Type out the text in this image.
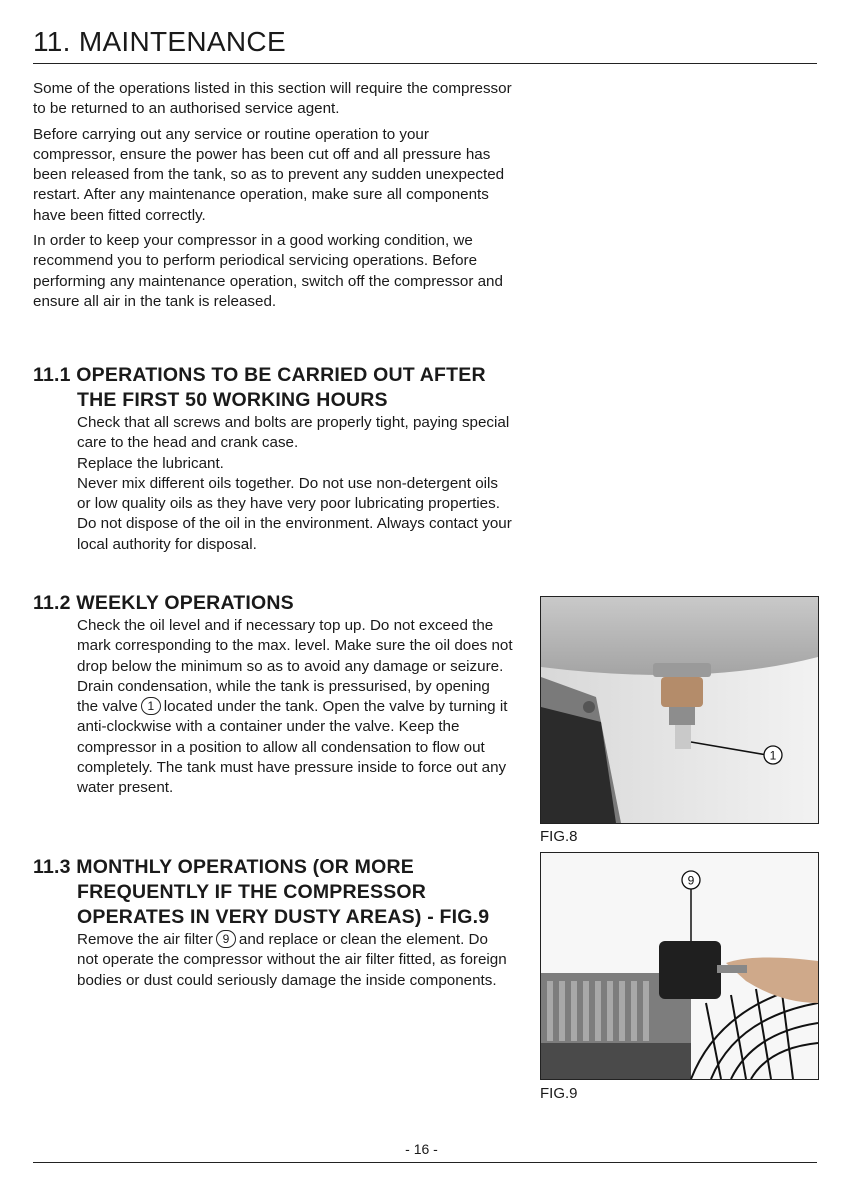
11. MAINTENANCE

Some of the operations listed in this section will require the compressor to be returned to an authorised service agent.

Before carrying out any service or routine operation to your compressor, ensure the power has been cut off and all pressure has been released from the tank, so as to prevent any sudden unexpected restart. After any maintenance operation, make sure all components have been fitted correctly.

In order to keep your compressor in a good working condition, we recommend you to perform periodical servicing operations. Before performing any maintenance operation, switch off the compressor and ensure all air in the tank is released.

11.1 OPERATIONS TO BE CARRIED OUT AFTER THE FIRST 50 WORKING HOURS

Check that all screws and bolts are properly tight, paying special care to the head and crank case.

Replace the lubricant.

Never mix different oils together. Do not use non-detergent oils or low quality oils as they have very poor lubricating properties. Do not dispose of the oil in the environment. Always contact your local authority for disposal.

11.2 WEEKLY OPERATIONS

Check the oil level and if necessary top up. Do not exceed the mark corresponding to the max. level. Make sure the oil does not drop below the minimum so as to avoid any damage or seizure. Drain condensation, while the tank is pressurised, by opening the valve 1 located under the tank. Open the valve by turning it anti-clockwise with a container under the valve. Keep the compressor in a position to allow all condensation to flow out completely. The tank must have pressure inside to force out any water present.

11.3 MONTHLY OPERATIONS (OR MORE FREQUENTLY IF THE COMPRESSOR OPERATES IN VERY DUSTY AREAS) - FIG.9

Remove the air filter 9 and replace or clean the element. Do not operate the compressor without the air filter fitted, as foreign bodies or dust could seriously damage the inside components.

1
FIG.8
9
FIG.9
- 16 -
